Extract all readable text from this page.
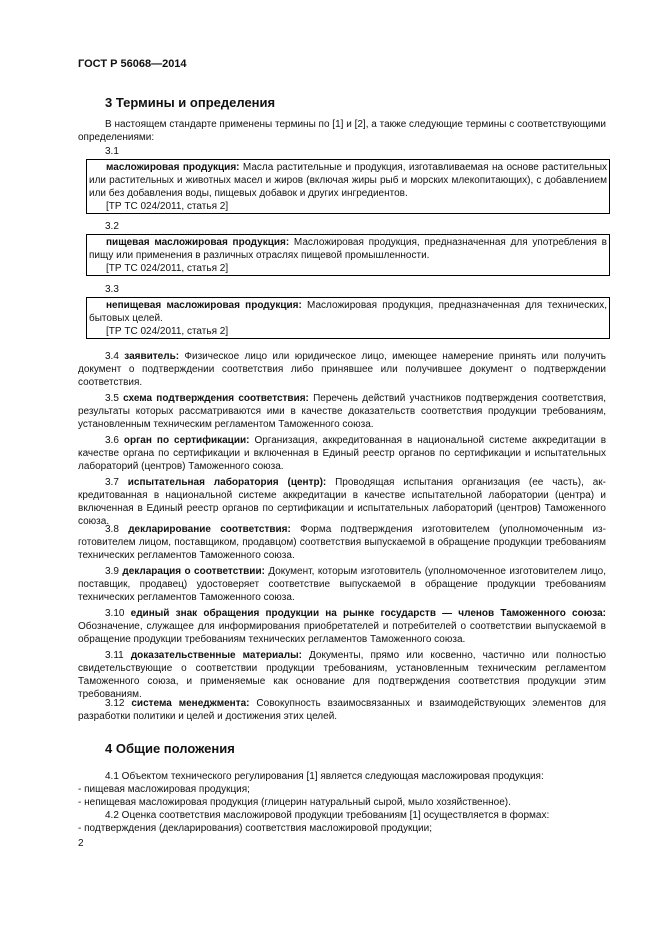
ГОСТ Р 56068—2014
3 Термины и определения
В настоящем стандарте применены термины по [1] и [2], а также следующие термины с соответствующими определениями:
3.1
масложировая продукция: Масла растительные и продукция, изготавливаемая на основе растительных или растительных и животных масел и жиров (включая жиры рыб и морских млекопитающих), с добавлением или без добавления воды, пищевых добавок и других ингредиентов.
[ТР ТС 024/2011, статья 2]
3.2
пищевая масложировая продукция: Масложировая продукция, предназначенная для употребления в пищу или применения в различных отраслях пищевой промышленности.
[ТР ТС 024/2011, статья 2]
3.3
непищевая масложировая продукция: Масложировая продукция, предназначенная для технических, бытовых целей.
[ТР ТС 024/2011, статья 2]
3.4 заявитель: Физическое лицо или юридическое лицо, имеющее намерение принять или получить документ о подтверждении соответствия либо принявшее или получившее документ о подтверждении соответствия.
3.5 схема подтверждения соответствия: Перечень действий участников подтверждения соответствия, результаты которых рассматриваются ими в качестве доказательств соответствия продукции требованиям, установленным техническим регламентом Таможенного союза.
3.6 орган по сертификации: Организация, аккредитованная в национальной системе аккредитации в качестве органа по сертификации и включенная в Единый реестр органов по сертификации и испытательных лабораторий (центров) Таможенного союза.
3.7 испытательная лаборатория (центр): Проводящая испытания организация (ее часть), аккредитованная в национальной системе аккредитации в качестве испытательной лаборатории (центра) и включенная в Единый реестр органов по сертификации и испытательных лабораторий (центров) Таможенного союза.
3.8 декларирование соответствия: Форма подтверждения изготовителем (уполномоченным изготовителем лицом, поставщиком, продавцом) соответствия выпускаемой в обращение продукции требованиям технических регламентов Таможенного союза.
3.9 декларация о соответствии: Документ, которым изготовитель (уполномоченное изготовителем лицо, поставщик, продавец) удостоверяет соответствие выпускаемой в обращение продукции требованиям технических регламентов Таможенного союза.
3.10 единый знак обращения продукции на рынке государств — членов Таможенного союза: Обозначение, служащее для информирования приобретателей и потребителей о соответствии выпускаемой в обращение продукции требованиям технических регламентов Таможенного союза.
3.11 доказательственные материалы: Документы, прямо или косвенно, частично или полностью свидетельствующие о соответствии продукции требованиям, установленным техническим регламентом Таможенного союза, и применяемые как основание для подтверждения соответствия продукции этим требованиям.
3.12 система менеджмента: Совокупность взаимосвязанных и взаимодействующих элементов для разработки политики и целей и достижения этих целей.
4 Общие положения
4.1 Объектом технического регулирования [1] является следующая масложировая продукция:
- пищевая масложировая продукция;
- непищевая масложировая продукция (глицерин натуральный сырой, мыло хозяйственное).
4.2 Оценка соответствия масложировой продукции требованиям [1] осуществляется в формах:
- подтверждения (декларирования) соответствия масложировой продукции;
2
